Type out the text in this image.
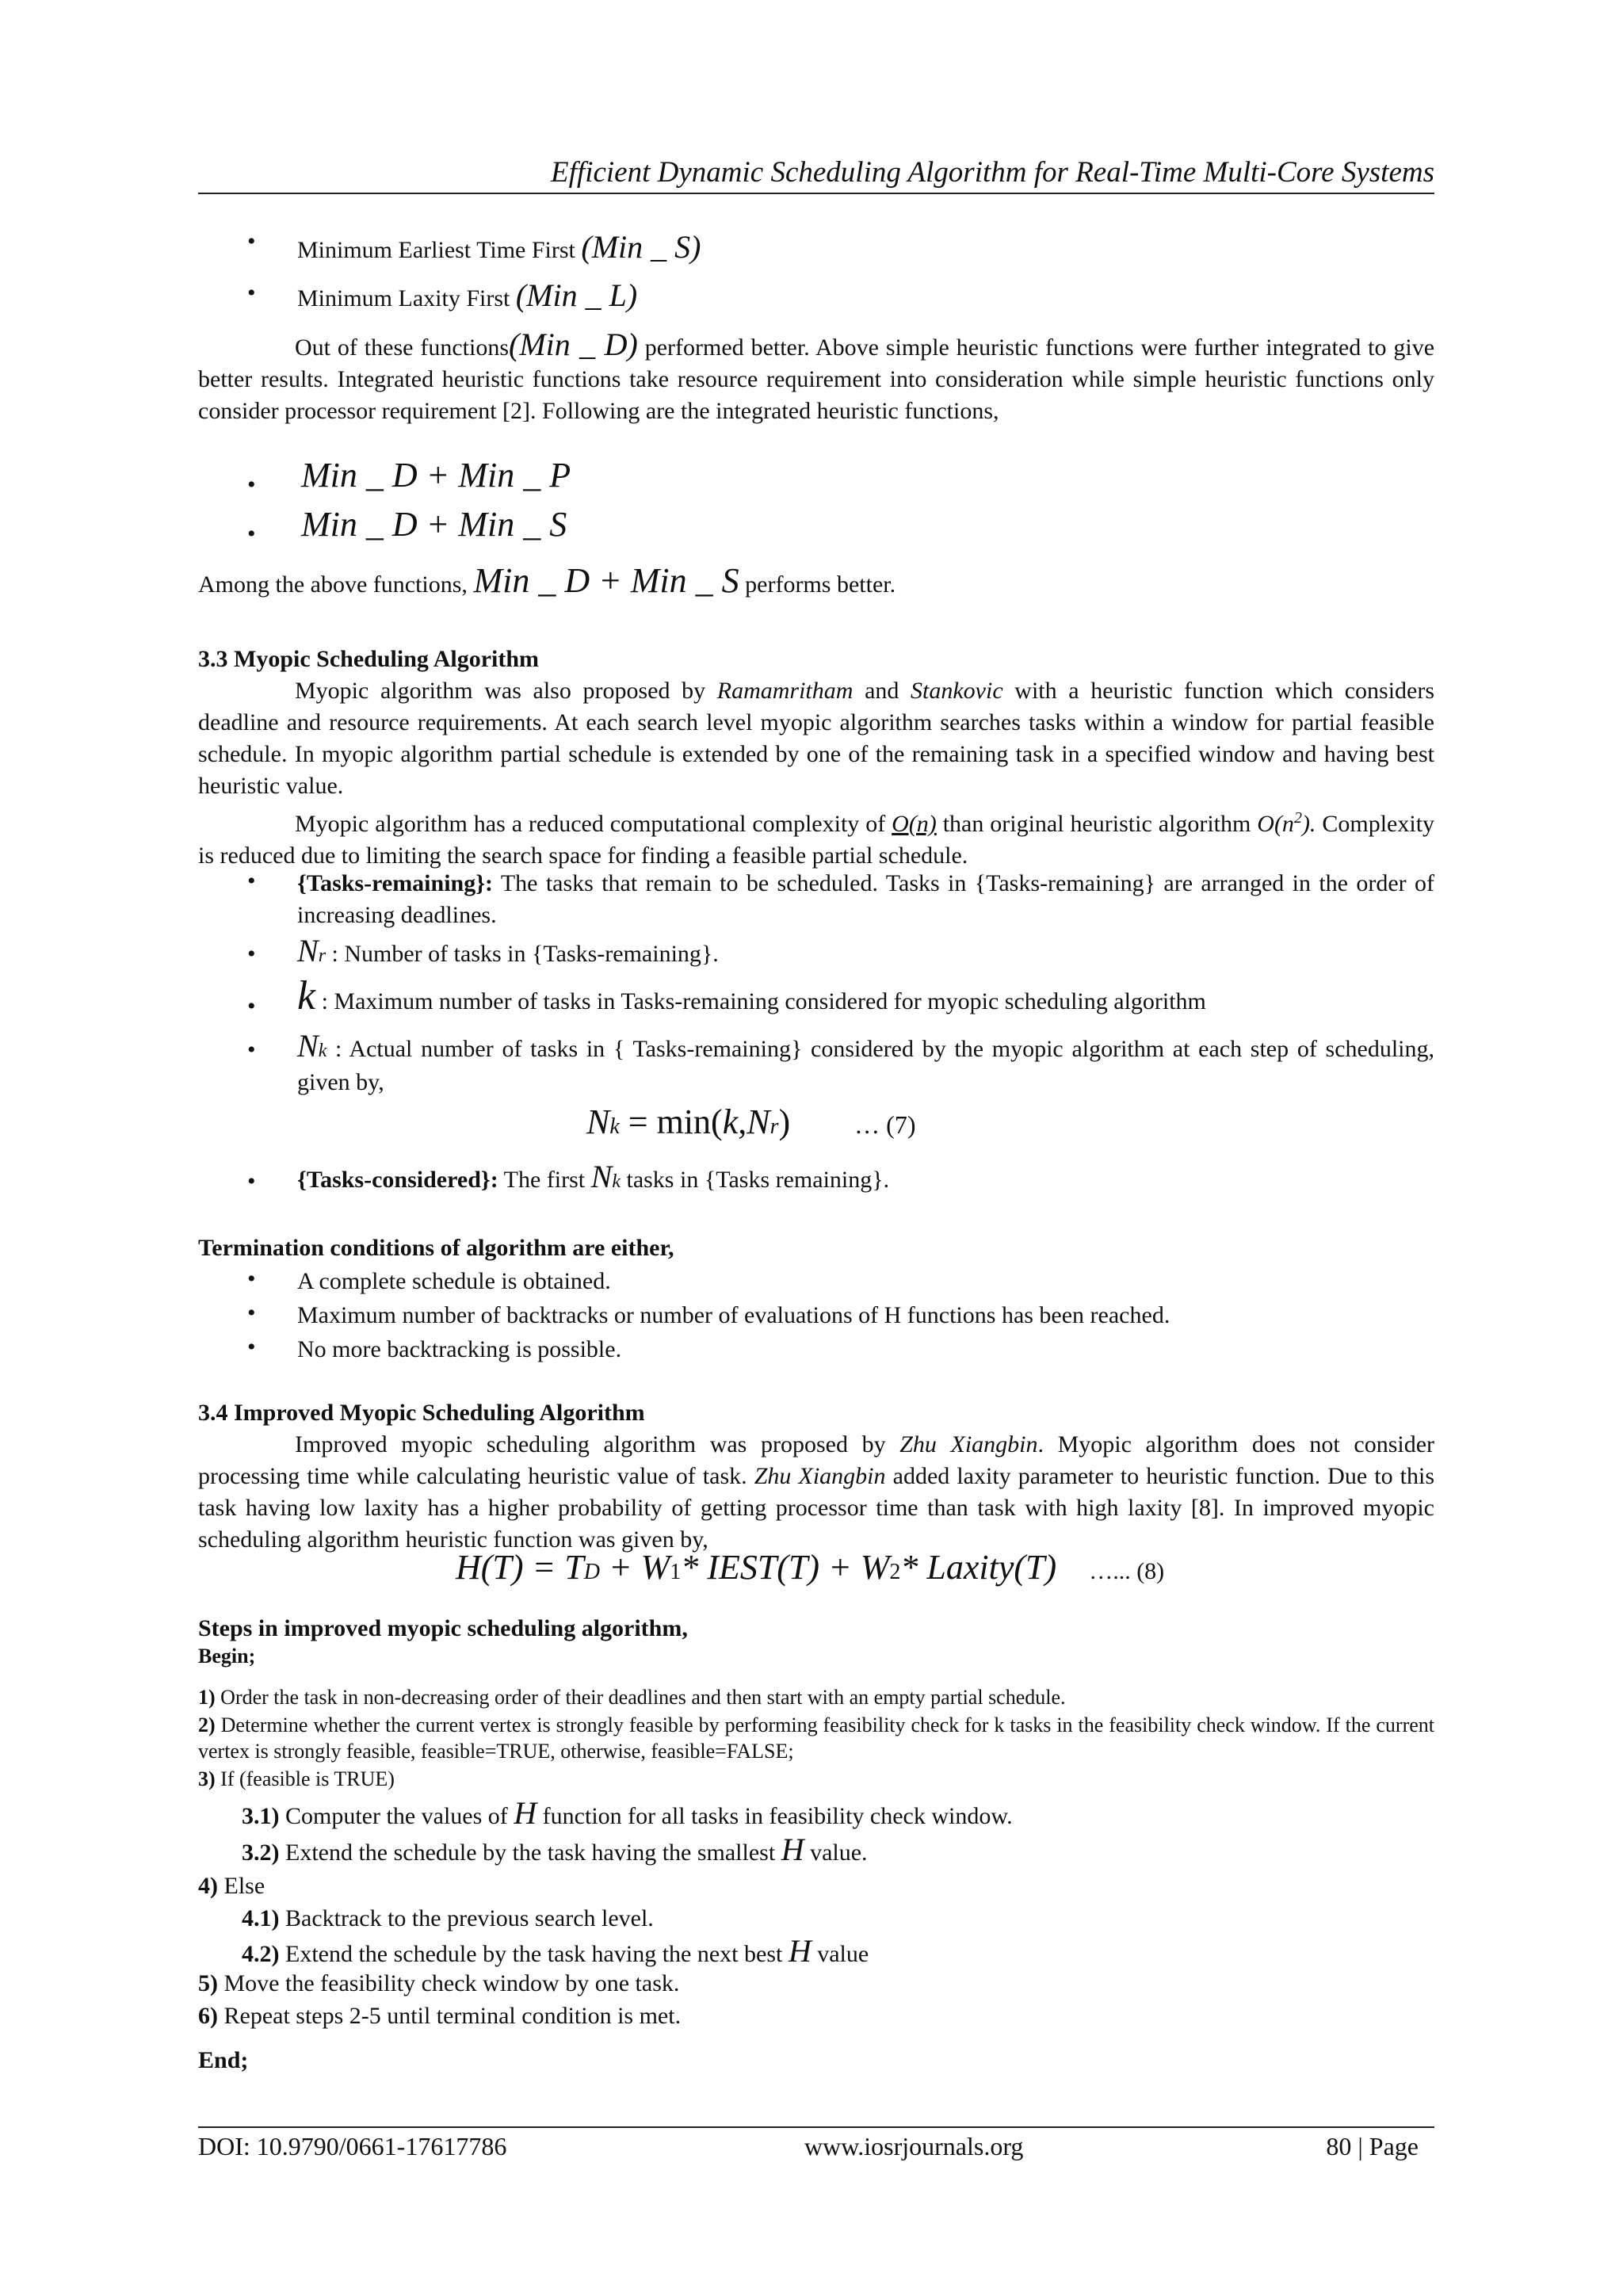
Efficient Dynamic Scheduling Algorithm for Real-Time Multi-Core Systems
• Minimum Earliest Time First (Min _ S)
• Minimum Laxity First (Min _ L)
Out of these functions(Min _ D) performed better. Above simple heuristic functions were further integrated to give better results. Integrated heuristic functions take resource requirement into consideration while simple heuristic functions only consider processor requirement [2]. Following are the integrated heuristic functions,
• Min _ D + Min _ P
• Min _ D + Min _ S
Among the above functions, Min _ D + Min _ S performs better.
3.3 Myopic Scheduling Algorithm
Myopic algorithm was also proposed by Ramamritham and Stankovic with a heuristic function which considers deadline and resource requirements. At each search level myopic algorithm searches tasks within a window for partial feasible schedule. In myopic algorithm partial schedule is extended by one of the remaining task in a specified window and having best heuristic value.
Myopic algorithm has a reduced computational complexity of O(n) than original heuristic algorithm $O(n^2)$. Complexity is reduced due to limiting the search space for finding a feasible partial schedule.
• {Tasks-remaining}: The tasks that remain to be scheduled. Tasks in {Tasks-remaining} are arranged in the order of increasing deadlines.
• Nr : Number of tasks in {Tasks-remaining}.
• k : Maximum number of tasks in Tasks-remaining considered for myopic scheduling algorithm
• Nk : Actual number of tasks in { Tasks-remaining} considered by the myopic algorithm at each step of scheduling, given by,
Nk = min(k,Nr)	… (7)
• {Tasks-considered}: The first Nk tasks in {Tasks remaining}.
Termination conditions of algorithm are either,
• A complete schedule is obtained.
• Maximum number of backtracks or number of evaluations of H functions has been reached.
• No more backtracking is possible.
3.4 Improved Myopic Scheduling Algorithm
Improved myopic scheduling algorithm was proposed by Zhu Xiangbin. Myopic algorithm does not consider processing time while calculating heuristic value of task. Zhu Xiangbin added laxity parameter to heuristic function. Due to this task having low laxity has a higher probability of getting processor time than task with high laxity [8]. In improved myopic scheduling algorithm heuristic function was given by,
H(T) = TD + W1* IEST(T) + W2* Laxity(T) …... (8)
Steps in improved myopic scheduling algorithm,
Begin;
1) Order the task in non-decreasing order of their deadlines and then start with an empty partial schedule.
2) Determine whether the current vertex is strongly feasible by performing feasibility check for k tasks in the feasibility check window. If the current vertex is strongly feasible, feasible=TRUE, otherwise, feasible=FALSE;
3) If (feasible is TRUE)
3.1) Computer the values of H function for all tasks in feasibility check window.
3.2) Extend the schedule by the task having the smallest H value.
4) Else
4.1) Backtrack to the previous search level.
4.2) Extend the schedule by the task having the next best H value
5) Move the feasibility check window by one task.
6) Repeat steps 2-5 until terminal condition is met.
End;
DOI: 10.9790/0661-17617786	www.iosrjournals.org	80 | Page
